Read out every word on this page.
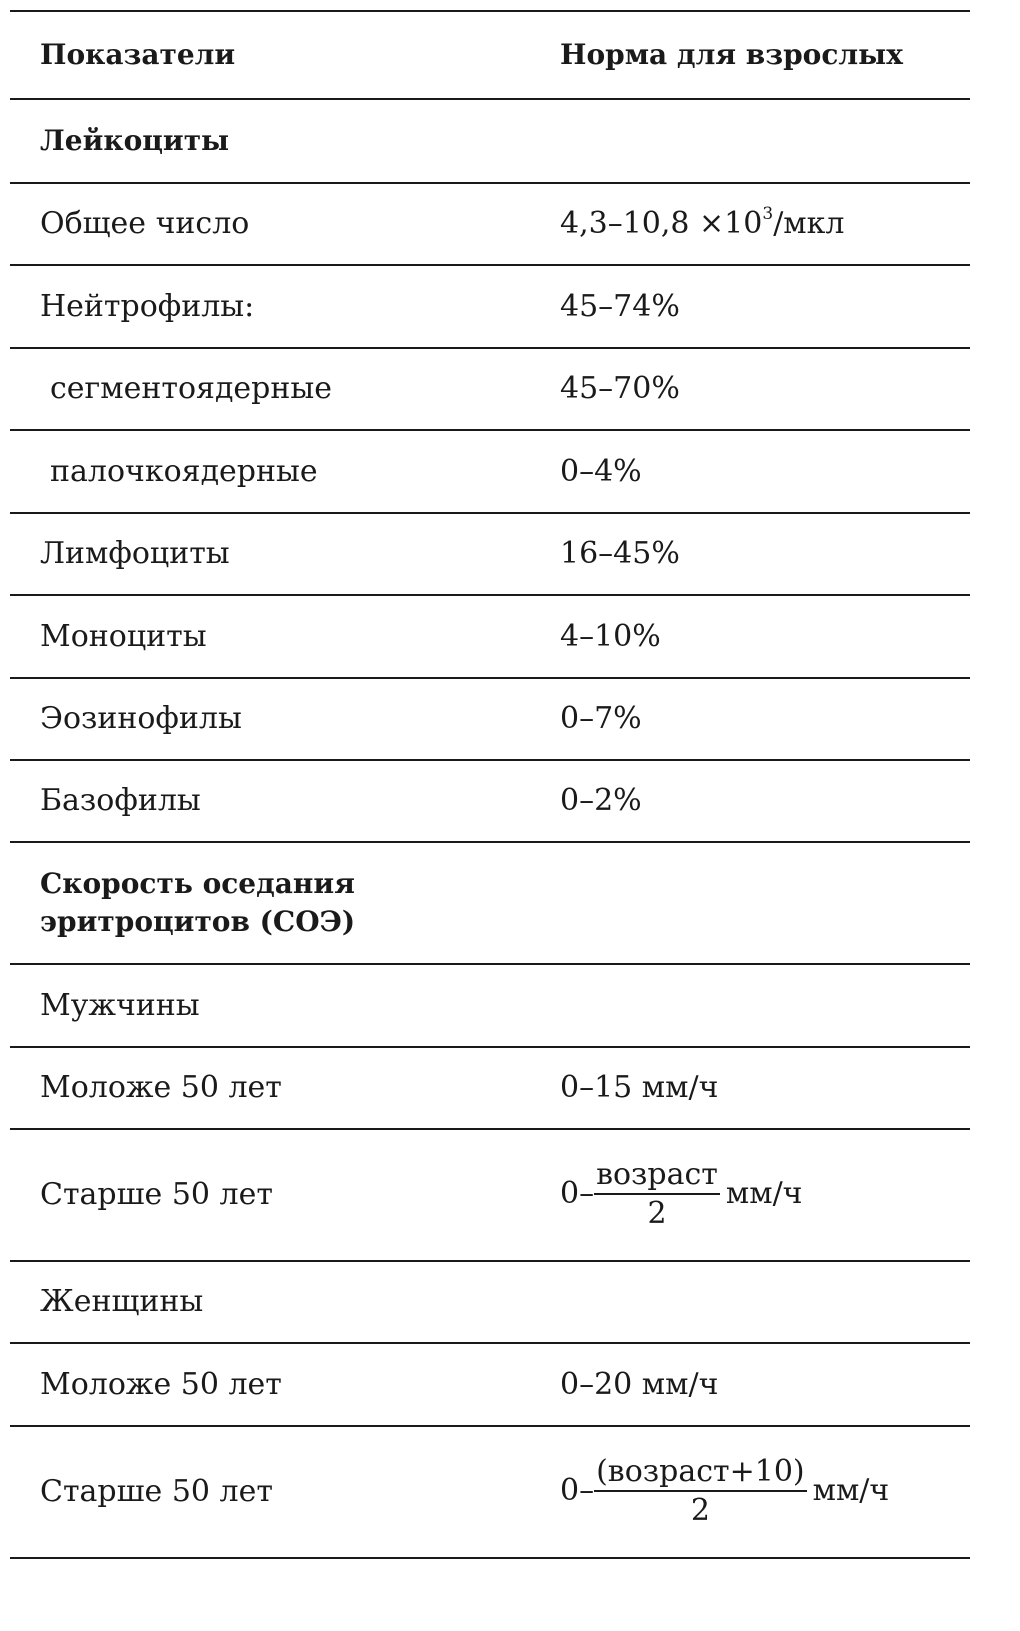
Показатели	Норма для взрослых
Лейкоциты	
Общее число	$4,3-10,8 \times 10^3$/мкл
Нейтрофилы:	45–74%
сегментоядерные	45–70%
палочкоядерные	0–4%
Лимфоциты	16–45%
Моноциты	4–10%
Эозинофилы	0–7%
Базофилы	0–2%
Скорость оседания эритроцитов (СОЭ)	
Мужчины	
Моложе 50 лет	0–15 мм/ч
Старше 50 лет	$0- \frac{\text{возраст}}{2} мм/ч$
Женщины	
Моложе 50 лет	0–20 мм/ч
Старше 50 лет	$0- \frac{\text{(возраст+10)}}{2} мм/ч$
